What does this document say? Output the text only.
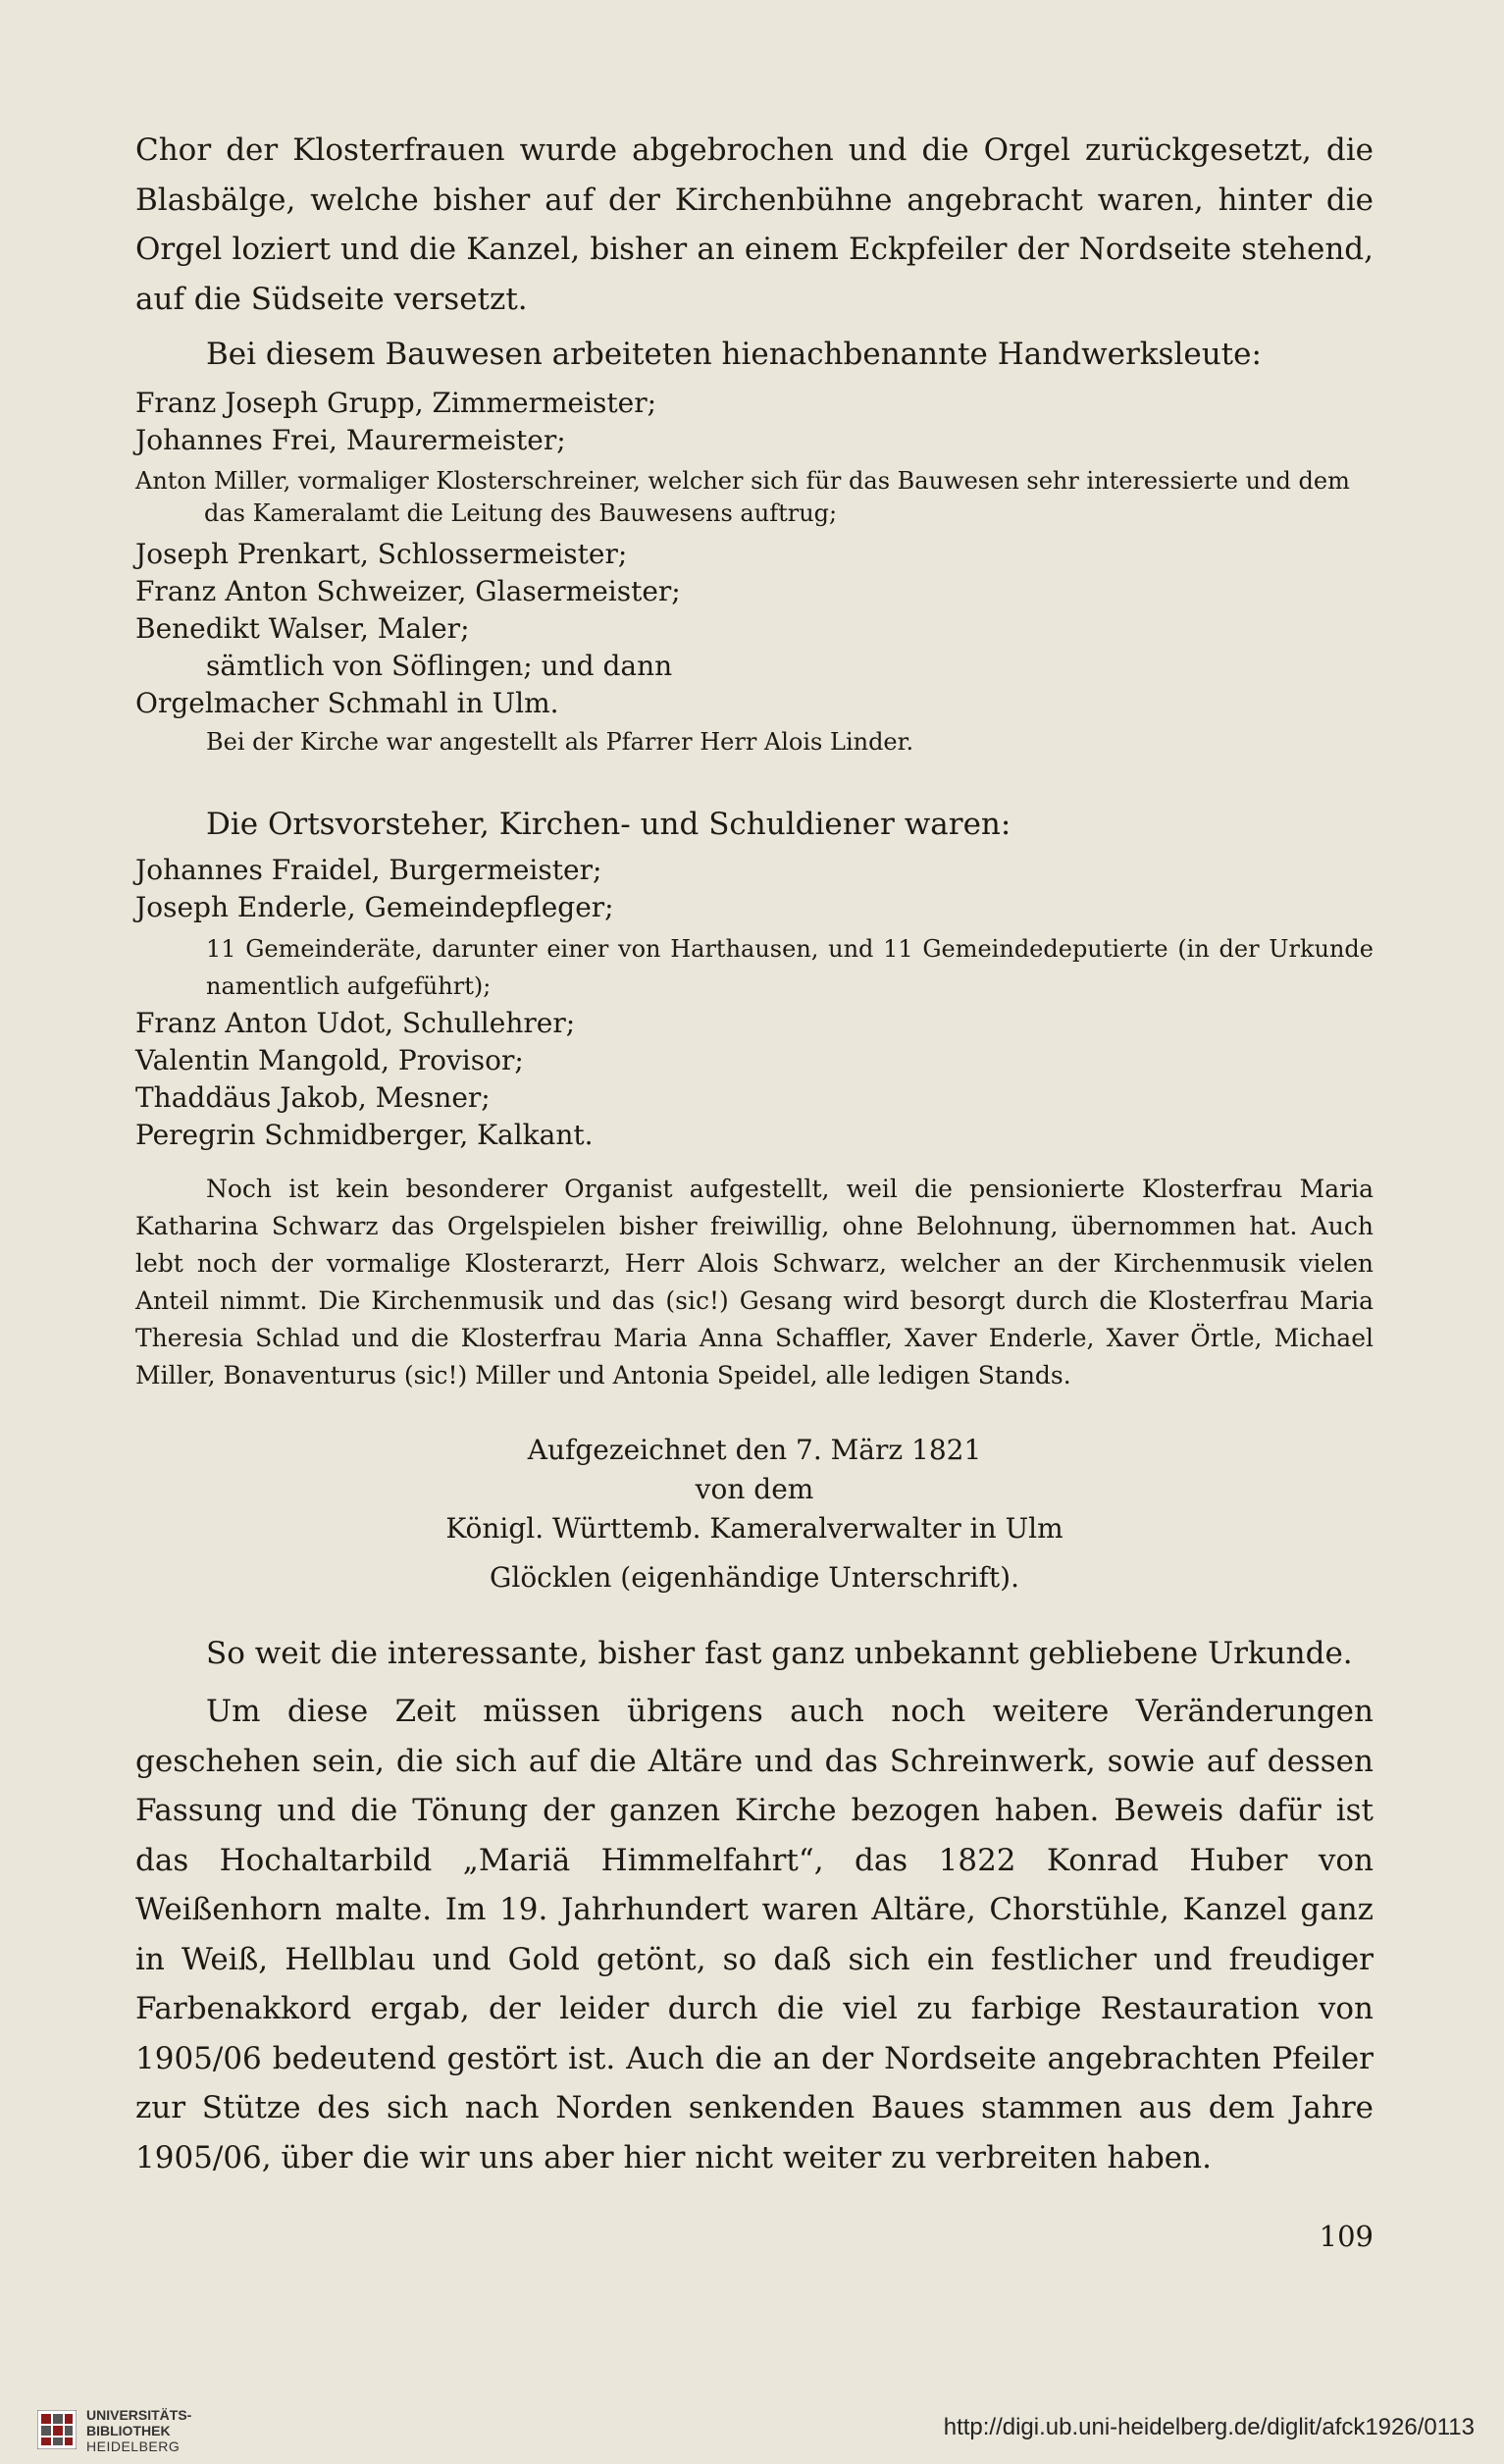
Chor der Klosterfrauen wurde abgebrochen und die Orgel zurückgesetzt, die Blasbälge, welche bisher auf der Kirchenbühne angebracht waren, hinter die Orgel loziert und die Kanzel, bisher an einem Eckpfeiler der Nordseite stehend, auf die Südseite versetzt.

Bei diesem Bauwesen arbeiteten hienachbenannte Handwerksleute:

Franz Joseph Grupp, Zimmermeister;
Johannes Frei, Maurermeister;
Anton Miller, vormaliger Klosterschreiner, welcher sich für das Bauwesen sehr interessierte und dem das Kameralamt die Leitung des Bauwesens auftrug;
Joseph Prenkart, Schlossermeister;
Franz Anton Schweizer, Glasermeister;
Benedikt Walser, Maler;
sämtlich von Söflingen; und dann
Orgelmacher Schmahl in Ulm.
Bei der Kirche war angestellt als Pfarrer Herr Alois Linder.

Die Ortsvorsteher, Kirchen- und Schuldiener waren:

Johannes Fraidel, Burgermeister;
Joseph Enderle, Gemeindepfleger;
11 Gemeinderäte, darunter einer von Harthausen, und 11 Gemeindedeputierte (in der Urkunde namentlich aufgeführt);
Franz Anton Udot, Schullehrer;
Valentin Mangold, Provisor;
Thaddäus Jakob, Mesner;
Peregrin Schmidberger, Kalkant.

Noch ist kein besonderer Organist aufgestellt, weil die pensionierte Klosterfrau Maria Katharina Schwarz das Orgelspielen bisher freiwillig, ohne Belohnung, übernommen hat. Auch lebt noch der vormalige Klosterarzt, Herr Alois Schwarz, welcher an der Kirchenmusik vielen Anteil nimmt. Die Kirchenmusik und das (sic!) Gesang wird besorgt durch die Klosterfrau Maria Theresia Schlad und die Klosterfrau Maria Anna Schaffler, Xaver Enderle, Xaver Örtle, Michael Miller, Bonaventurus (sic!) Miller und Antonia Speidel, alle ledigen Stands.

Aufgezeichnet den 7. März 1821
von dem
Königl. Württemb. Kameralverwalter in Ulm
Glöcklen (eigenhändige Unterschrift).

So weit die interessante, bisher fast ganz unbekannt gebliebene Urkunde.

Um diese Zeit müssen übrigens auch noch weitere Veränderungen geschehen sein, die sich auf die Altäre und das Schreinwerk, sowie auf dessen Fassung und die Tönung der ganzen Kirche bezogen haben. Beweis dafür ist das Hochaltarbild „Mariä Himmelfahrt“, das 1822 Konrad Huber von Weißenhorn malte. Im 19. Jahrhundert waren Altäre, Chorstühle, Kanzel ganz in Weiß, Hellblau und Gold getönt, so daß sich ein festlicher und freudiger Farbenakkord ergab, der leider durch die viel zu farbige Restauration von 1905/06 bedeutend gestört ist. Auch die an der Nordseite angebrachten Pfeiler zur Stütze des sich nach Norden senkenden Baues stammen aus dem Jahre 1905/06, über die wir uns aber hier nicht weiter zu verbreiten haben.

109
UNIVERSITÄTS-
BIBLIOTHEK
HEIDELBERG
http://digi.ub.uni-heidelberg.de/diglit/afck1926/0113
